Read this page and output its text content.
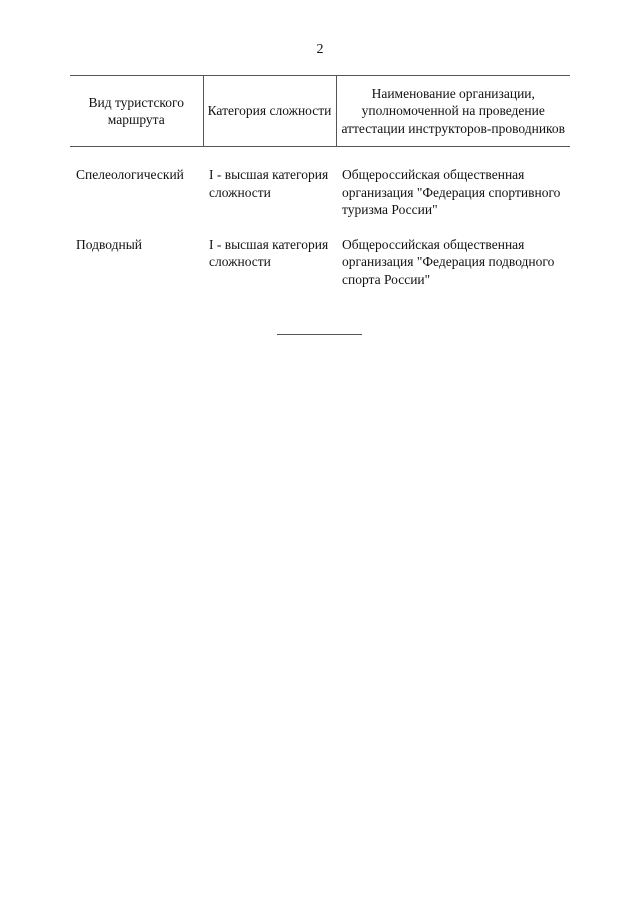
2
Вид туристского маршрута	Категория сложности	Наименование организации, уполномоченной на проведение аттестации инструкторов-проводников
Спелеологический	I - высшая категория сложности	Общероссийская общественная организация "Федерация спортивного туризма России"
Подводный	I - высшая категория сложности	Общероссийская общественная организация "Федерация подводного спорта России"
